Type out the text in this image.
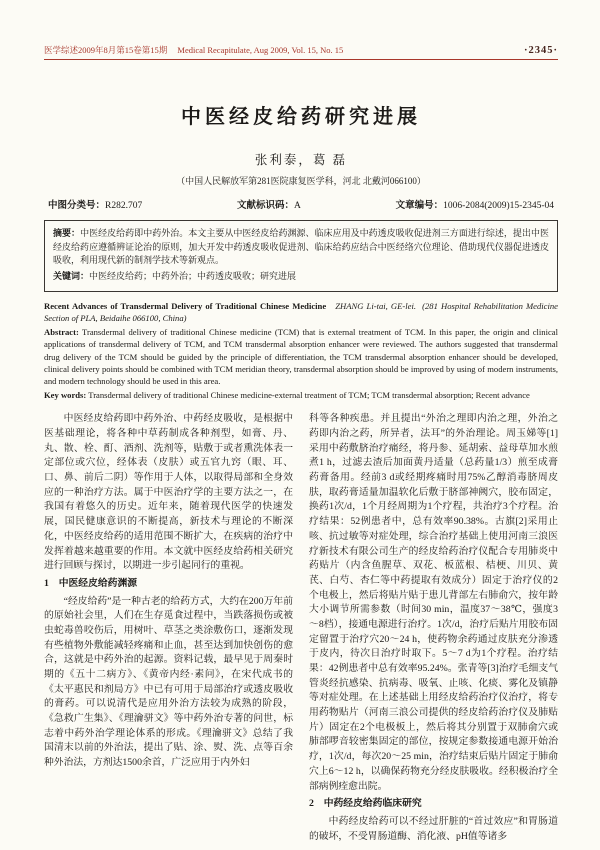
医学综述2009年8月第15卷第15期 Medical Recapitulate, Aug 2009, Vol. 15, No. 15	·2345·
中医经皮给药研究进展
张利泰，葛 磊
（中国人民解放军第281医院康复医学科，河北 北戴河066100）
中图分类号：R282.707	文献标识码：A	文章编号：1006-2084(2009)15-2345-04

摘要：中医经皮给药即中药外治。本文主要从中医经皮给药渊源、临床应用及中药透皮吸收促进剂三方面进行综述，提出中医经皮给药应遵循辨证论治的原则，加大开发中药透皮吸收促进剂、临床给药应结合中医经络穴位理论、借助现代仪器促进透皮吸收，利用现代新的制剂学技术等新观点。

关键词：中医经皮给药；中药外治；中药透皮吸收；研究进展

Recent Advances of Transdermal Delivery of Traditional Chinese Medicine ZHANG Li-tai, GE-lei. (281 Hospital Rehabilitation Medicine Section of PLA, Beidaihe 066100, China)

Abstract: Transdermal delivery of traditional Chinese medicine (TCM) that is external treatment of TCM. In this paper, the origin and clinical applications of transdermal delivery of TCM, and TCM transdermal absorption enhancer were reviewed. The authors suggested that transdermal drug delivery of the TCM should be guided by the principle of differentiation, the TCM transdermal absorption enhancer should be developed, clinical delivery points should be combined with TCM meridian theory, transdermal absorption should be improved by using of modern instruments, and modern technology should be used in this area.

Key words: Transdermal delivery of traditional Chinese medicine-external treatment of TCM; TCM transdermal absorption; Recent advance

中医经皮给药即中药外治、中药经皮吸收，是根据中医基础理论，将各种中草药制成各种剂型，如膏、丹、丸、散、栓、酊、酒剂、洗剂等，贴敷于或者熏洗体表一定部位或穴位，经体表（皮肤）或五官九窍（眼、耳、口、鼻、前后二阴）等作用于人体，以取得局部和全身效应的一种治疗方法。属于中医治疗学的主要方法之一，在我国有着悠久的历史。近年来，随着现代医学的快速发展，国民健康意识的不断提高，新技术与理论的不断深化，中医经皮给药的适用范围不断扩大，在疾病的治疗中发挥着越来越重要的作用。本文就中医经皮给药相关研究进行回顾与探讨，以期进一步引起同行的重视。

1　中医经皮给药渊源

“经皮给药”是一种古老的给药方式，大约在200万年前的原始社会里，人们在生存觅食过程中，当跌落损伤或被虫蛇毒兽咬伤后，用树叶、草茎之类涂敷伤口，逐渐发现有些植物外敷能减轻疼痛和止血，甚至达到加快创伤的愈合，这就是中药外治的起源。资料记载，最早见于周秦时期的《五十二病方》、《黄帝内经·素问》，在宋代成书的《太平惠民和剂局方》中已有可用于局部治疗或透皮吸收的膏药。可以说清代是应用外治方法较为成熟的阶段，《急救广生集》、《理瀹骈文》等中药外治专著的问世，标志着中药外治学理论体系的形成。《理瀹骈文》总结了我国清末以前的外治法，提出了贴、涂、熨、洗、点等百余种外治法，方剂达1500余首，广泛应用于内外妇

科等各种疾患。并且提出“外治之理即内治之理，外治之药即内治之药，所异者，法耳”的外治理论。周玉娣等[1]采用中药敷脐治疗痛经，将丹参、延胡索、益母草加水煎煮1 h，过滤去渣后加面黄丹适量（总药量1/3）煎至成膏药膏备用。经前3 d或经期疼痛时用75%乙醇消毒脐周皮肤，取药膏适量加温软化后敷于脐部神阙穴，胶布固定，换药1次/d，1个月经周期为1个疗程，共治疗3个疗程。治疗结果：52例患者中，总有效率90.38%。古旗[2]采用止咳、抗过敏等对症处理，综合治疗基础上使用河南三浪医疗新技术有限公司生产的经皮给药治疗仪配合专用肺炎中药贴片（内含鱼腥草、双花、板蓝根、桔梗、川贝、黄芪、白芍、杏仁等中药提取有效成分）固定于治疗仪的2个电极上，然后将贴片贴于患儿背部左右肺俞穴，按年龄大小调节所需参数（时间30 min，温度37～38℃，强度3～8档），接通电源进行治疗。1次/d，治疗后贴片用胶布固定留置于治疗穴20～24 h，使药物余药通过皮肤充分渗透于皮内，待次日治疗时取下。5～7 d为1个疗程。治疗结果：42例患者中总有效率95.24%。张青等[3]治疗毛细支气管炎经抗感染、抗病毒、吸氧、止咳、化痰、雾化及镇静等对症处理。在上述基础上用经皮给药治疗仪治疗，将专用药物贴片（河南三浪公司提供的经皮给药治疗仪及肺贴片）固定在2个电极板上，然后将其分别置于双肺俞穴或肺部啰音较密集固定的部位，按规定参数接通电源开始治疗，1次/d，每次20～25 min，治疗结束后贴片固定于肺俞穴上6～12 h，以确保药物充分经皮肤吸收。经积极治疗全部病例痊愈出院。

2　中药经皮给药临床研究

中药经皮给药可以不经过肝脏的“首过效应”和胃肠道的破坏，不受胃肠道酶、消化液、pH值等诸多
